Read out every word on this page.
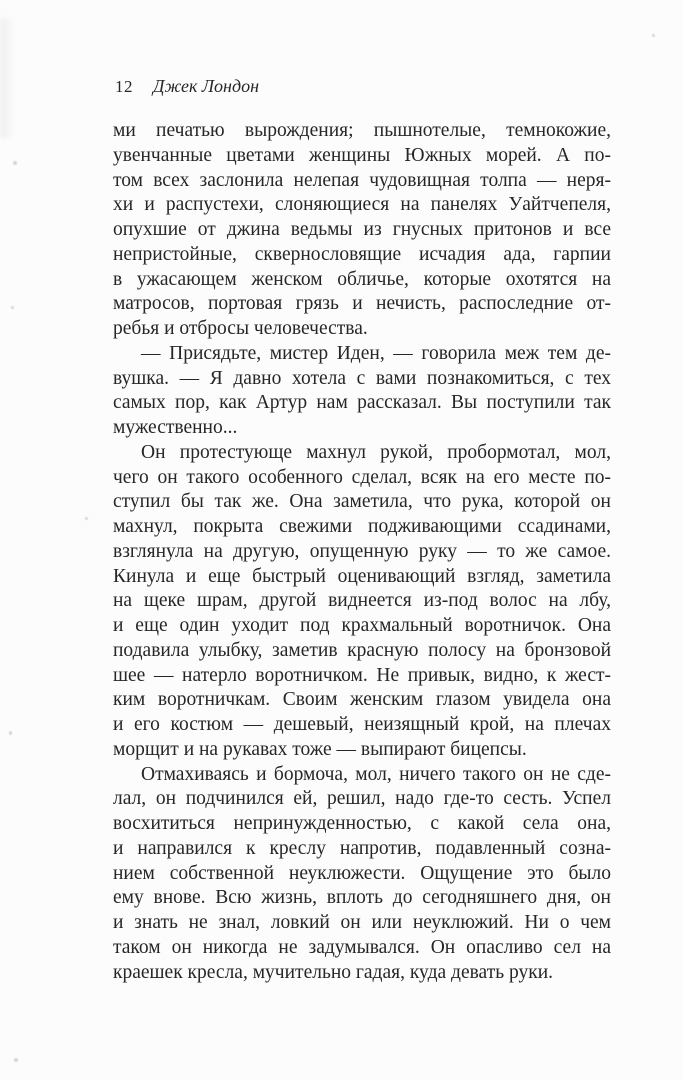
12 Джек Лондон
ми печатью вырождения; пышнотелые, темнокожие,
увенчанные цветами женщины Южных морей. А по-
том всех заслонила нелепая чудовищная толпа — неря-
хи и распустехи, слоняющиеся на панелях Уайтчепеля,
опухшие от джина ведьмы из гнусных притонов и все
непристойные, сквернословящие исчадия ада, гарпии
в ужасающем женском обличье, которые охотятся на
матросов, портовая грязь и нечисть, распоследние от-
ребья и отбросы человечества.
— Присядьте, мистер Иден, — говорила меж тем де-
вушка. — Я давно хотела с вами познакомиться, с тех
самых пор, как Артур нам рассказал. Вы поступили так
мужественно...
Он протестующе махнул рукой, пробормотал, мол,
чего он такого особенного сделал, всяк на его месте по-
ступил бы так же. Она заметила, что рука, которой он
махнул, покрыта свежими подживающими ссадинами,
взглянула на другую, опущенную руку — то же самое.
Кинула и еще быстрый оценивающий взгляд, заметила
на щеке шрам, другой виднеется из-под волос на лбу,
и еще один уходит под крахмальный воротничок. Она
подавила улыбку, заметив красную полосу на бронзовой
шее — натерло воротничком. Не привык, видно, к жест-
ким воротничкам. Своим женским глазом увидела она
и его костюм — дешевый, неизящный крой, на плечах
морщит и на рукавах тоже — выпирают бицепсы.
Отмахиваясь и бормоча, мол, ничего такого он не сде-
лал, он подчинился ей, решил, надо где-то сесть. Успел
восхититься непринужденностью, с какой села она,
и направился к креслу напротив, подавленный созна-
нием собственной неуклюжести. Ощущение это было
ему внове. Всю жизнь, вплоть до сегодняшнего дня, он
и знать не знал, ловкий он или неуклюжий. Ни о чем
таком он никогда не задумывался. Он опасливо сел на
краешек кресла, мучительно гадая, куда девать руки.
